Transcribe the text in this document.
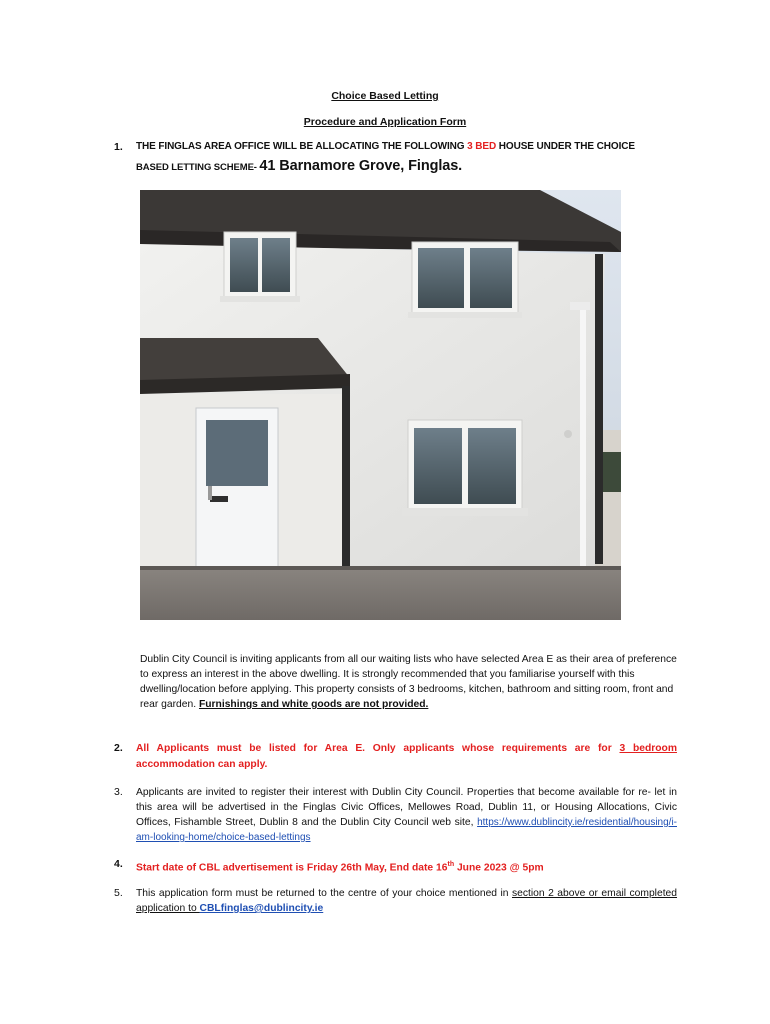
Choice Based Letting
Procedure and Application Form
1. THE FINGLAS AREA OFFICE WILL BE ALLOCATING THE FOLLOWING 3 BED HOUSE UNDER THE CHOICE
BASED LETTING SCHEME- 41 Barnamore Grove, Finglas.
Dublin City Council is inviting applicants from all our waiting lists who have selected Area E as their area of preference to express an interest in the above dwelling. It is strongly recommended that you familiarise yourself with this dwelling/location before applying. This property consists of 3 bedrooms, kitchen, bathroom and sitting room, front and rear garden. Furnishings and white goods are not provided.
2. All Applicants must be listed for Area E. Only applicants whose requirements are for 3 bedroom accommodation can apply.
3. Applicants are invited to register their interest with Dublin City Council. Properties that become available for re- let in this area will be advertised in the Finglas Civic Offices, Mellowes Road, Dublin 11, or Housing Allocations, Civic Offices, Fishamble Street, Dublin 8 and the Dublin City Council web site, https://www.dublincity.ie/residential/housing/i-am-looking-home/choice-based-lettings
4. Start date of CBL advertisement is Friday 26th May, End date 16th June 2023 @ 5pm
5. This application form must be returned to the centre of your choice mentioned in section 2 above or email completed application to CBLfinglas@dublincity.ie
